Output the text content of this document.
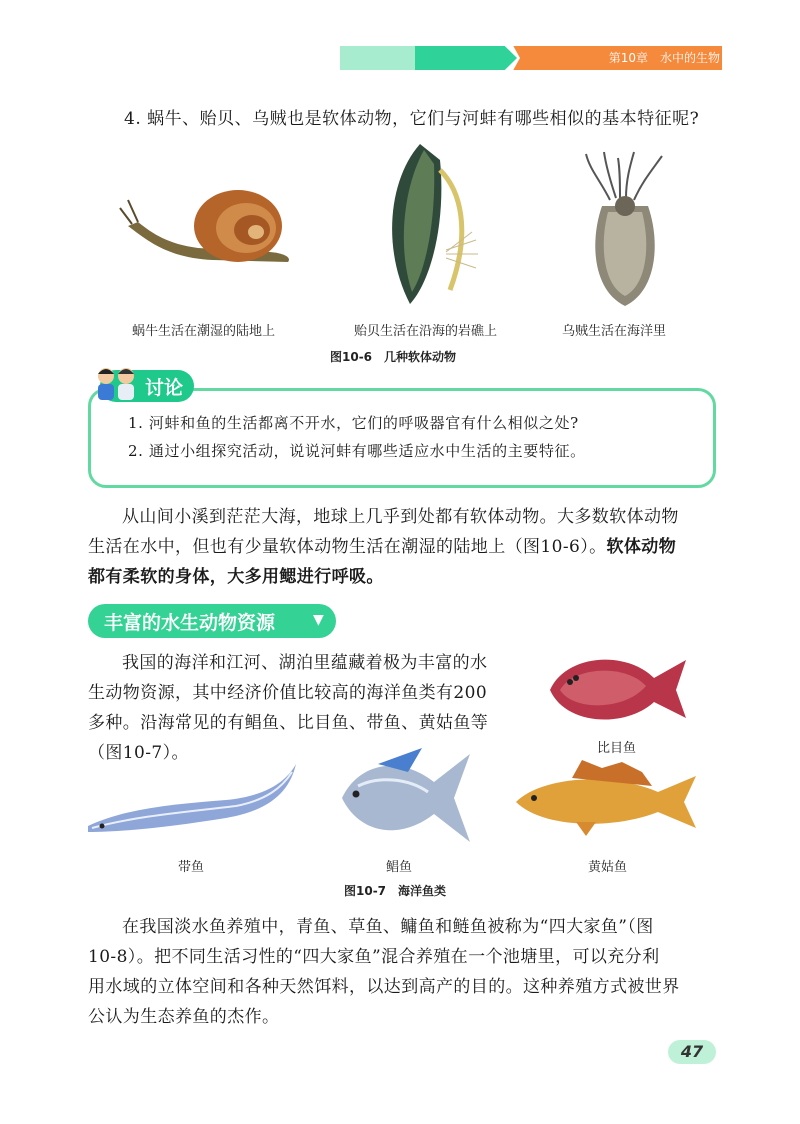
第10章　水中的生物
4. 蜗牛、贻贝、乌贼也是软体动物，它们与河蚌有哪些相似的基本特征呢?
蜗牛生活在潮湿的陆地上	贻贝生活在沿海的岩礁上	乌贼生活在海洋里
图10-6　几种软体动物
讨论
1. 河蚌和鱼的生活都离不开水，它们的呼吸器官有什么相似之处?
2. 通过小组探究活动，说说河蚌有哪些适应水中生活的主要特征。
从山间小溪到茫茫大海，地球上几乎到处都有软体动物。大多数软体动物
生活在水中，但也有少量软体动物生活在潮湿的陆地上（图10-6）。软体动物
都有柔软的身体，大多用鳃进行呼吸。
丰富的水生动物资源	▼
我国的海洋和江河、湖泊里蕴藏着极为丰富的水
生动物资源，其中经济价值比较高的海洋鱼类有200
多种。沿海常见的有鲳鱼、比目鱼、带鱼、黄姑鱼等
（图10-7）。	比目鱼
带鱼	鲳鱼	黄姑鱼
图10-7　海洋鱼类
在我国淡水鱼养殖中，青鱼、草鱼、鳙鱼和鲢鱼被称为“四大家鱼”（图
10-8）。把不同生活习性的“四大家鱼”混合养殖在一个池塘里，可以充分利
用水域的立体空间和各种天然饵料，以达到高产的目的。这种养殖方式被世界
公认为生态养鱼的杰作。
47
